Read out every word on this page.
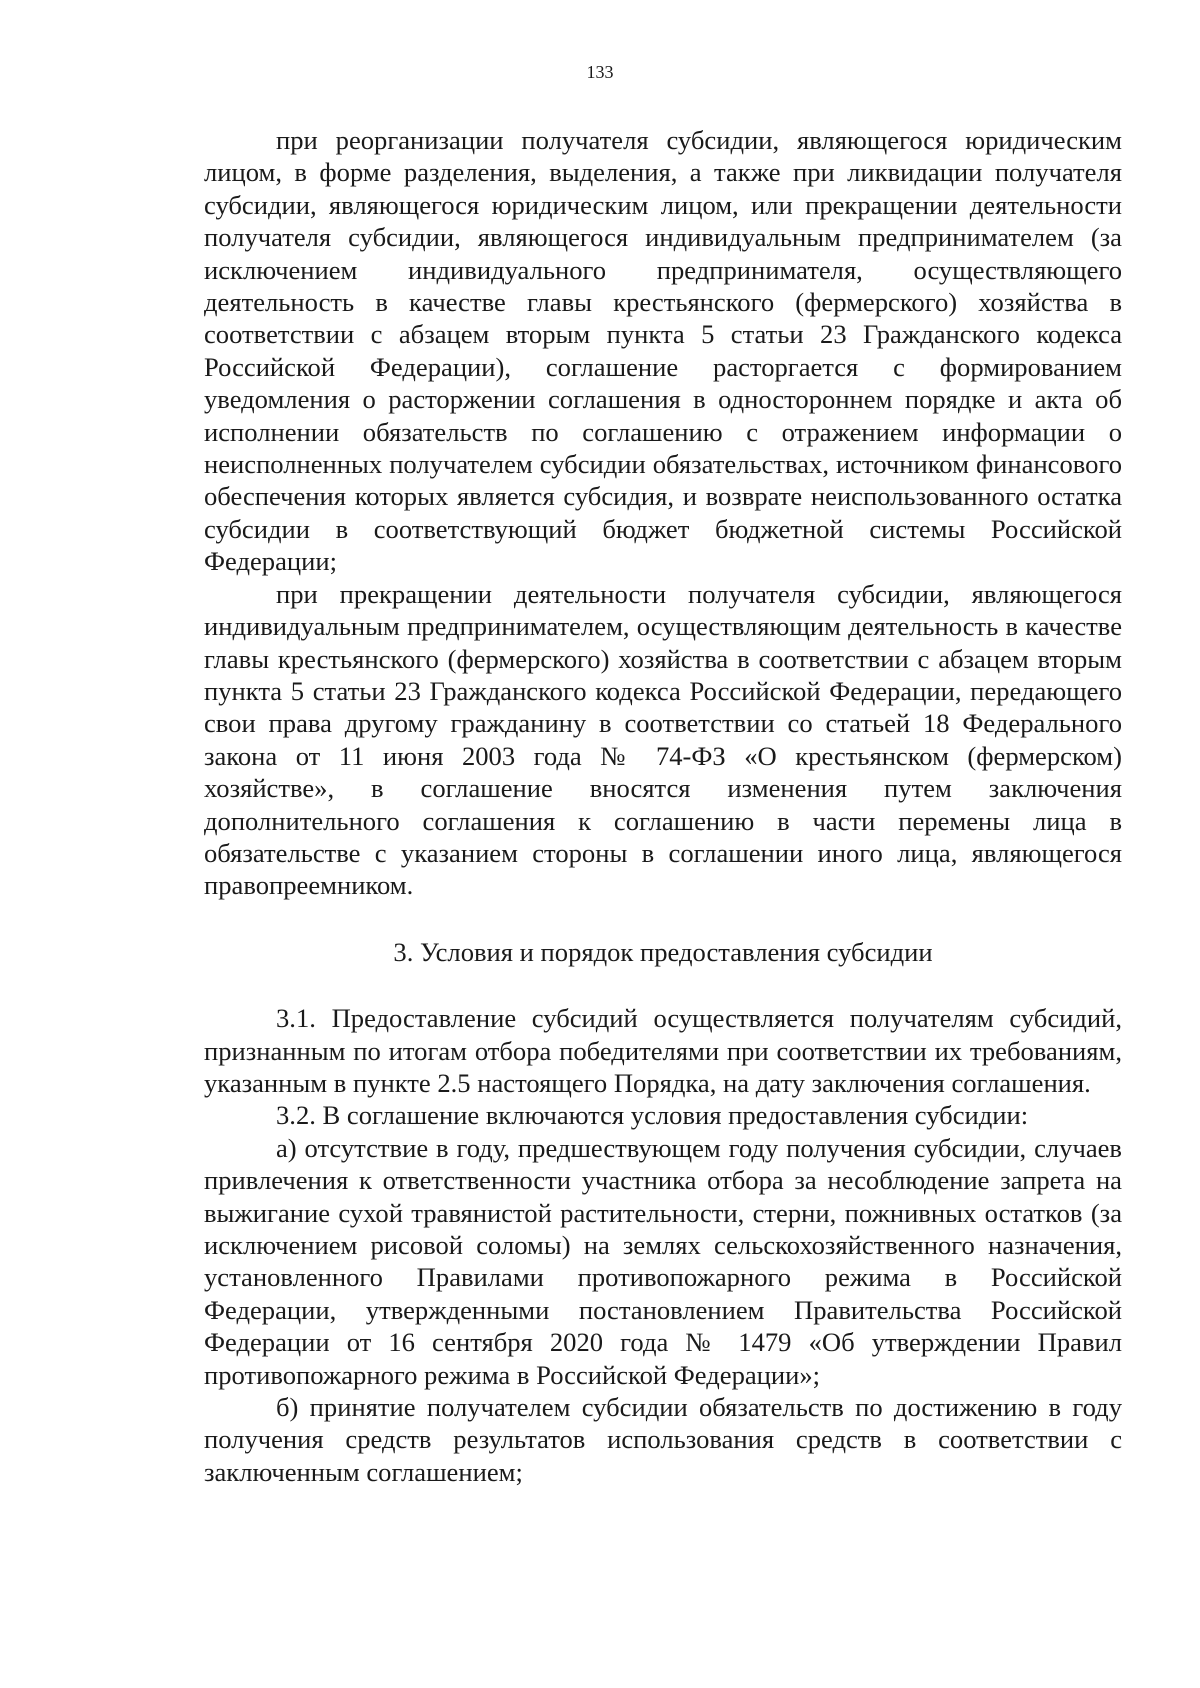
133

при реорганизации получателя субсидии, являющегося юридическим лицом, в форме разделения, выделения, а также при ликвидации получателя субсидии, являющегося юридическим лицом, или прекращении деятельности получателя субсидии, являющегося индивидуальным предпринимателем (за исключением индивидуального предпринимателя, осуществляющего деятельность в качестве главы крестьянского (фермерского) хозяйства в соответствии с абзацем вторым пункта 5 статьи 23 Гражданского кодекса Российской Федерации), соглашение расторгается с формированием уведомления о расторжении соглашения в одностороннем порядке и акта об исполнении обязательств по соглашению с отражением информации о неисполненных получателем субсидии обязательствах, источником финансового обеспечения которых является субсидия, и возврате неиспользованного остатка субсидии в соответствующий бюджет бюджетной системы Российской Федерации;

при прекращении деятельности получателя субсидии, являющегося индивидуальным предпринимателем, осуществляющим деятельность в качестве главы крестьянского (фермерского) хозяйства в соответствии с абзацем вторым пункта 5 статьи 23 Гражданского кодекса Российской Федерации, передающего свои права другому гражданину в соответствии со статьей 18 Федерального закона от 11 июня 2003 года № 74-ФЗ «О крестьянском (фермерском) хозяйстве», в соглашение вносятся изменения путем заключения дополнительного соглашения к соглашению в части перемены лица в обязательстве с указанием стороны в соглашении иного лица, являющегося правопреемником.

3. Условия и порядок предоставления субсидии

3.1. Предоставление субсидий осуществляется получателям субсидий, признанным по итогам отбора победителями при соответствии их требованиям, указанным в пункте 2.5 настоящего Порядка, на дату заключения соглашения.

3.2. В соглашение включаются условия предоставления субсидии:

а) отсутствие в году, предшествующем году получения субсидии, случаев привлечения к ответственности участника отбора за несоблюдение запрета на выжигание сухой травянистой растительности, стерни, пожнивных остатков (за исключением рисовой соломы) на землях сельскохозяйственного назначения, установленного Правилами противопожарного режима в Российской Федерации, утвержденными постановлением Правительства Российской Федерации от 16 сентября 2020 года № 1479 «Об утверждении Правил противопожарного режима в Российской Федерации»;

б) принятие получателем субсидии обязательств по достижению в году получения средств результатов использования средств в соответствии с заключенным соглашением;
